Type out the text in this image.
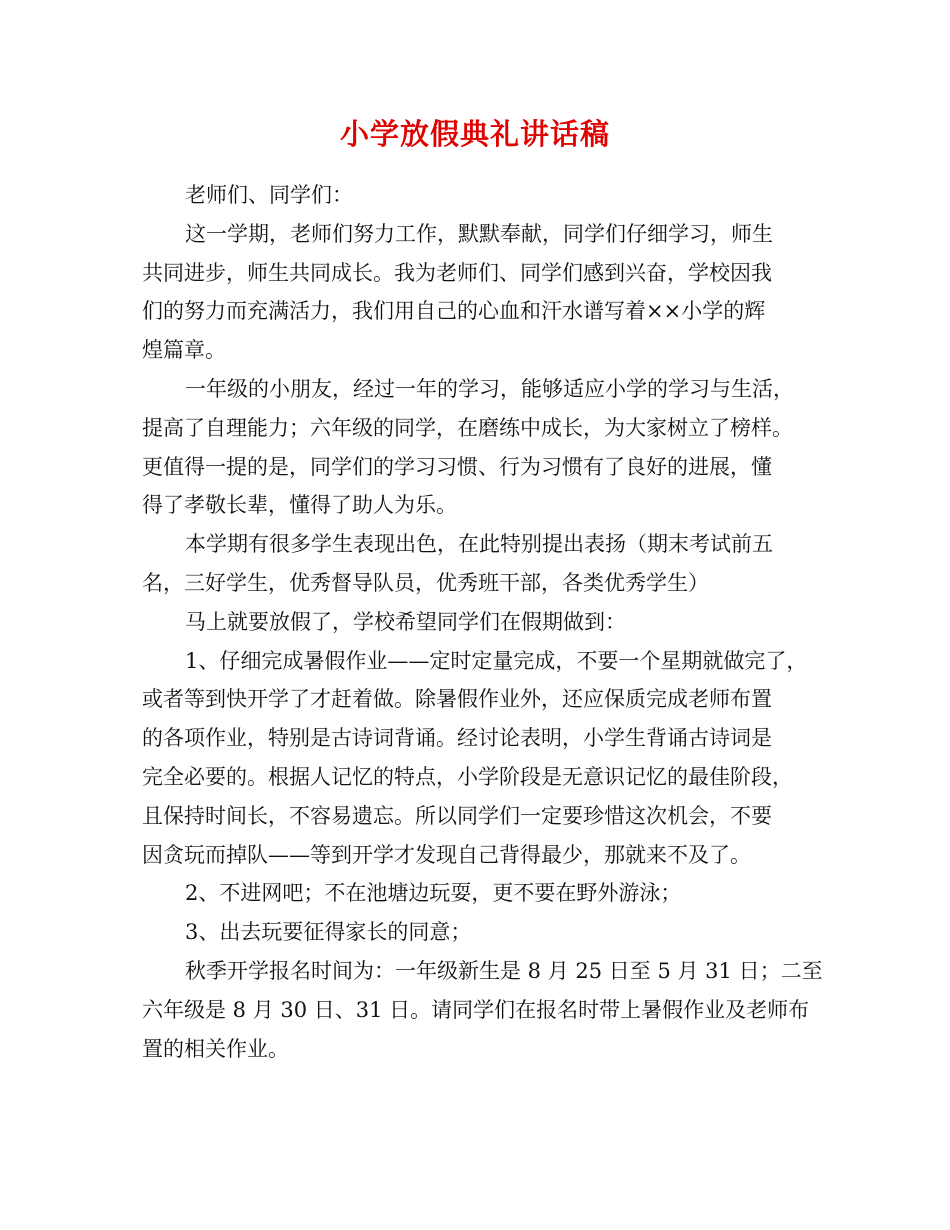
小学放假典礼讲话稿

老师们、同学们：

这一学期，老师们努力工作，默默奉献，同学们仔细学习，师生

共同进步，师生共同成长。我为老师们、同学们感到兴奋，学校因我

们的努力而充满活力，我们用自己的心血和汗水谱写着××小学的辉

煌篇章。

一年级的小朋友，经过一年的学习，能够适应小学的学习与生活，

提高了自理能力；六年级的同学，在磨练中成长，为大家树立了榜样。

更值得一提的是，同学们的学习习惯、行为习惯有了良好的进展，懂

得了孝敬长辈，懂得了助人为乐。

本学期有很多学生表现出色，在此特别提出表扬（期末考试前五

名，三好学生，优秀督导队员，优秀班干部，各类优秀学生）

马上就要放假了，学校希望同学们在假期做到：

1、仔细完成暑假作业——定时定量完成，不要一个星期就做完了，

或者等到快开学了才赶着做。除暑假作业外，还应保质完成老师布置

的各项作业，特别是古诗词背诵。经讨论表明，小学生背诵古诗词是

完全必要的。根据人记忆的特点，小学阶段是无意识记忆的最佳阶段，

且保持时间长，不容易遗忘。所以同学们一定要珍惜这次机会，不要

因贪玩而掉队——等到开学才发现自己背得最少，那就来不及了。

2、不进网吧；不在池塘边玩耍，更不要在野外游泳；

3、出去玩要征得家长的同意；

秋季开学报名时间为：一年级新生是 8 月 25 日至 5 月 31 日；二至

六年级是 8 月 30 日、31 日。请同学们在报名时带上暑假作业及老师布

置的相关作业。
